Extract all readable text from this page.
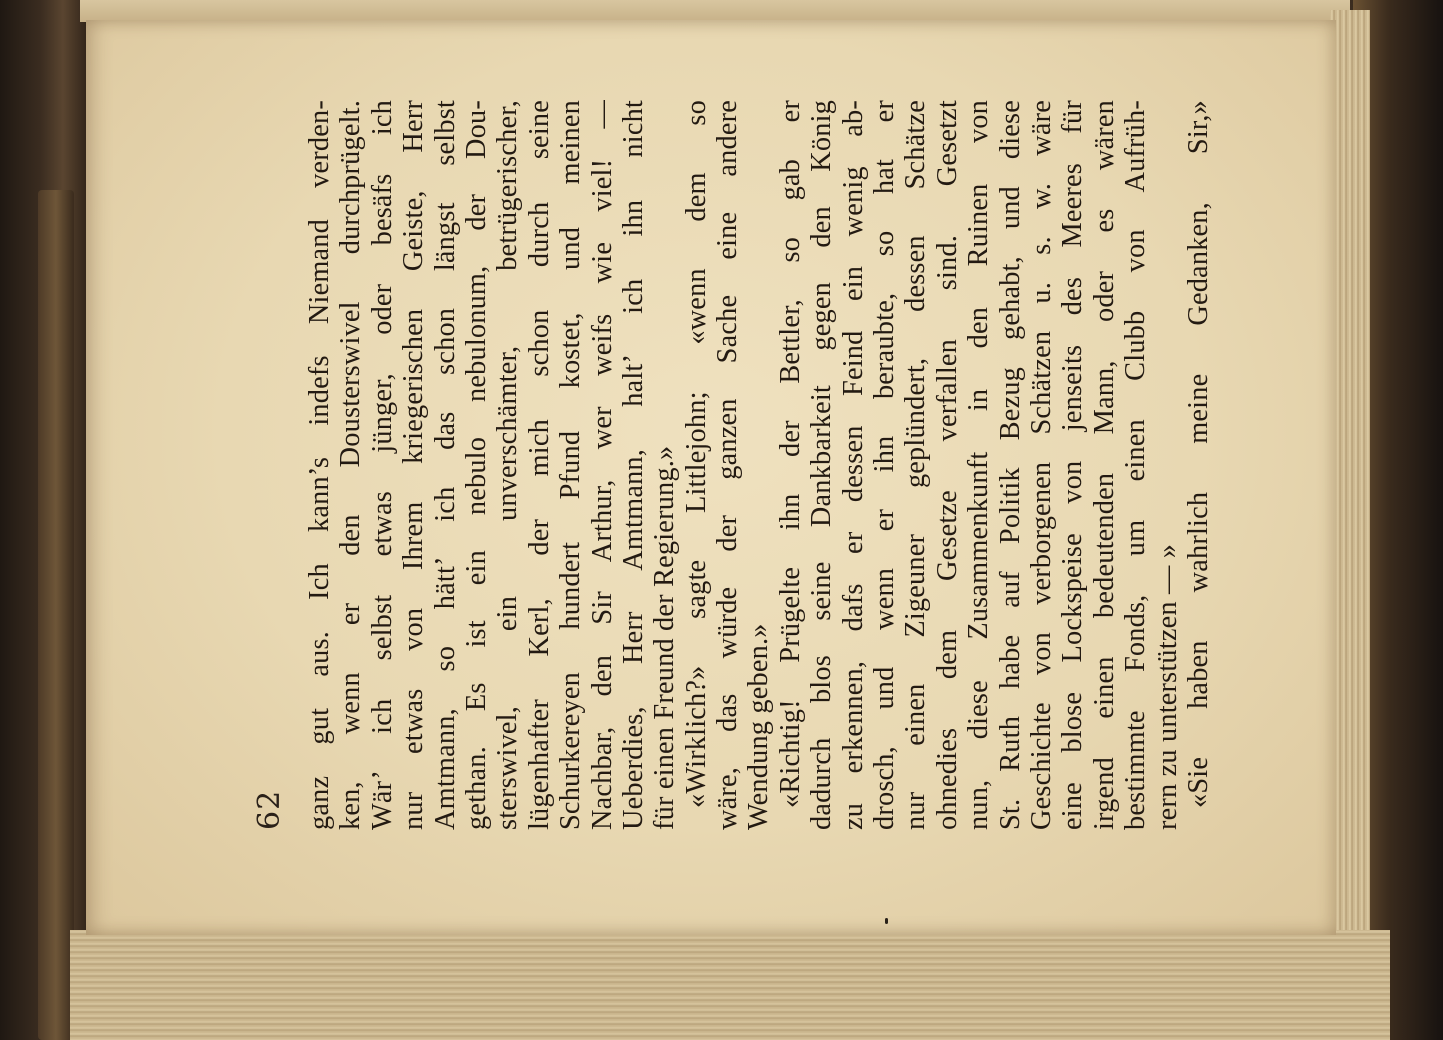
62 ganz gut aus. Ich kann’s indefs Niemand verden- ken, wenn er den Dousterswivel durchprügelt. Wär’ ich selbst etwas jünger, oder besäfs ich nur etwas von Ihrem kriegerischen Geiste, Herr Amtmann, so hätt’ ich das schon längst selbst gethan. Es ist ein nebulo nebulonum, der Dou- sterswivel, ein unverschämter, betrügerischer, lügenhafter Kerl, der mich schon durch seine Schurkereyen hundert Pfund kostet, und meinen Nachbar, den Sir Arthur, wer weifs wie viel! — Ueberdies, Herr Amtmann, halt’ ich ihn nicht für einen Freund der Regierung.» «Wirklich?» sagte Littlejohn; «wenn dem so wäre, das würde der ganzen Sache eine andere Wendung geben.» «Richtig! Prügelte ihn der Bettler, so gab er dadurch blos seine Dankbarkeit gegen den König zu erkennen, dafs er dessen Feind ein wenig ab- drosch, und wenn er ihn beraubte, so hat er nur einen Zigeuner geplündert, dessen Schätze ohnedies dem Gesetze verfallen sind. Gesetzt nun, diese Zusammenkunft in den Ruinen von St. Ruth habe auf Politik Bezug gehabt, und diese Geschichte von verborgenen Schätzen u. s. w. wäre eine blose Lockspeise von jenseits des Meeres für irgend einen bedeutenden Mann, oder es wären bestimmte Fonds, um einen Clubb von Aufrüh- rern zu unterstützen — » «Sie haben wahrlich meine Gedanken, Sir,»
